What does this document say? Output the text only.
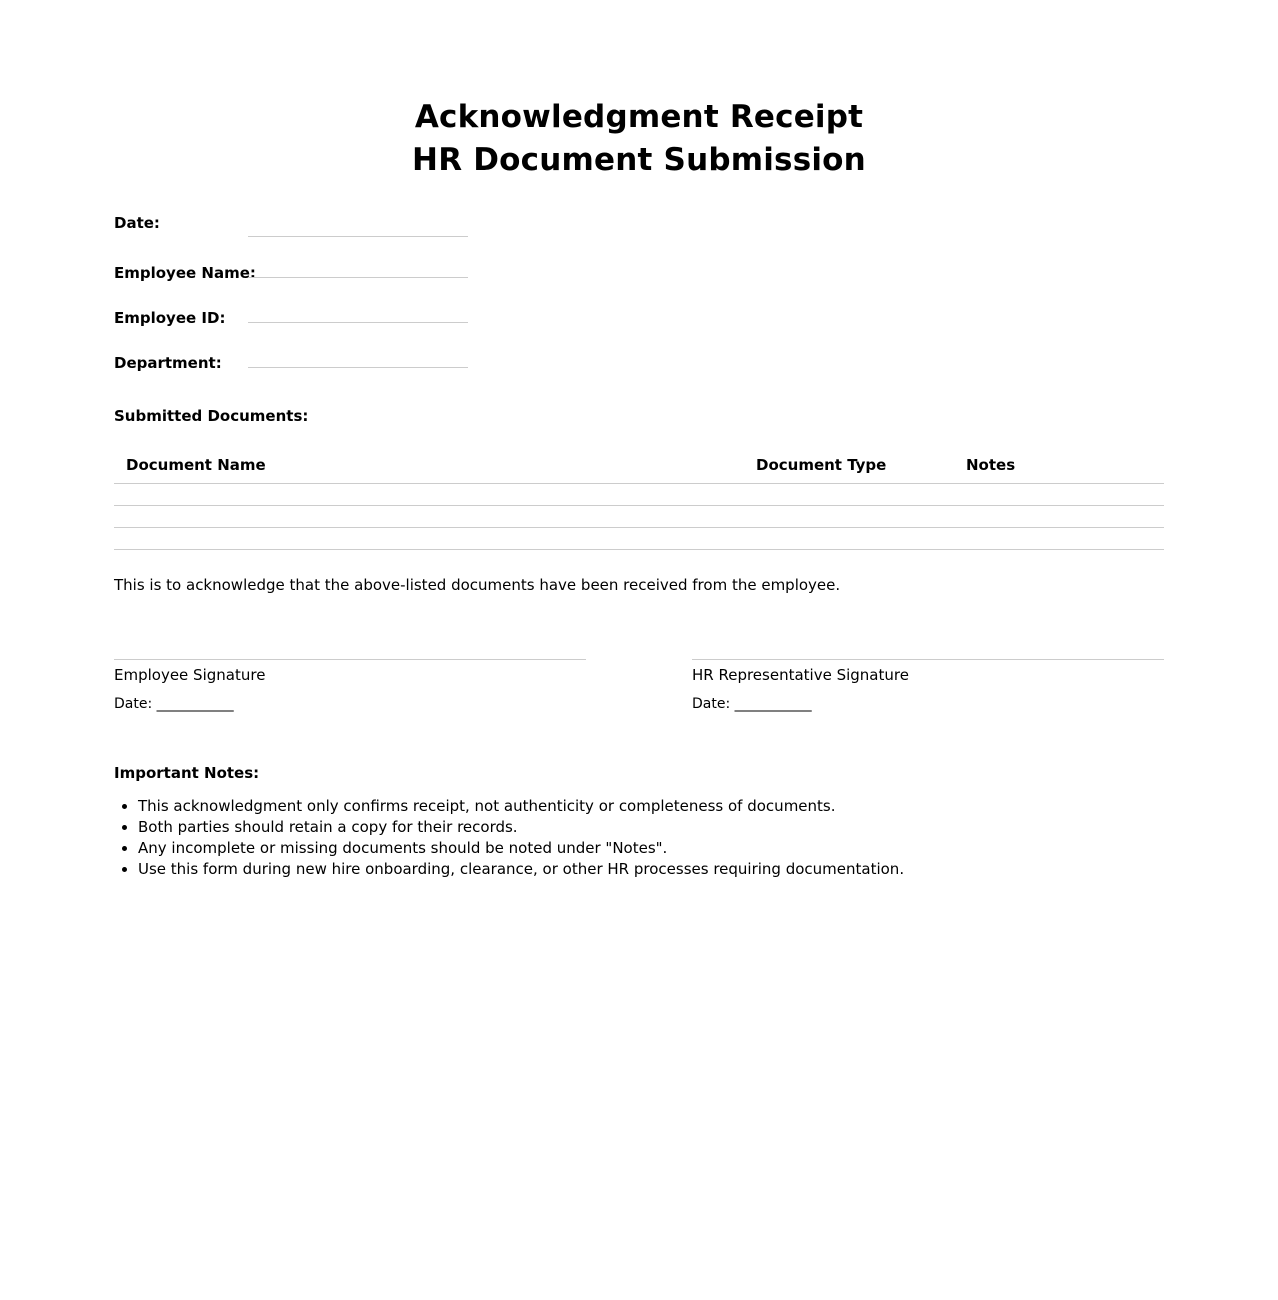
Acknowledgment Receipt
HR Document Submission
Date:
Employee Name:
Employee ID:
Department:
Submitted Documents:
Document Name	Document Type	Notes
This is to acknowledge that the above-listed documents have been received from the employee.
Employee Signature
Date: ___________
HR Representative Signature
Date: ___________
Important Notes:
• This acknowledgment only confirms receipt, not authenticity or completeness of documents.
• Both parties should retain a copy for their records.
• Any incomplete or missing documents should be noted under "Notes".
• Use this form during new hire onboarding, clearance, or other HR processes requiring documentation.
